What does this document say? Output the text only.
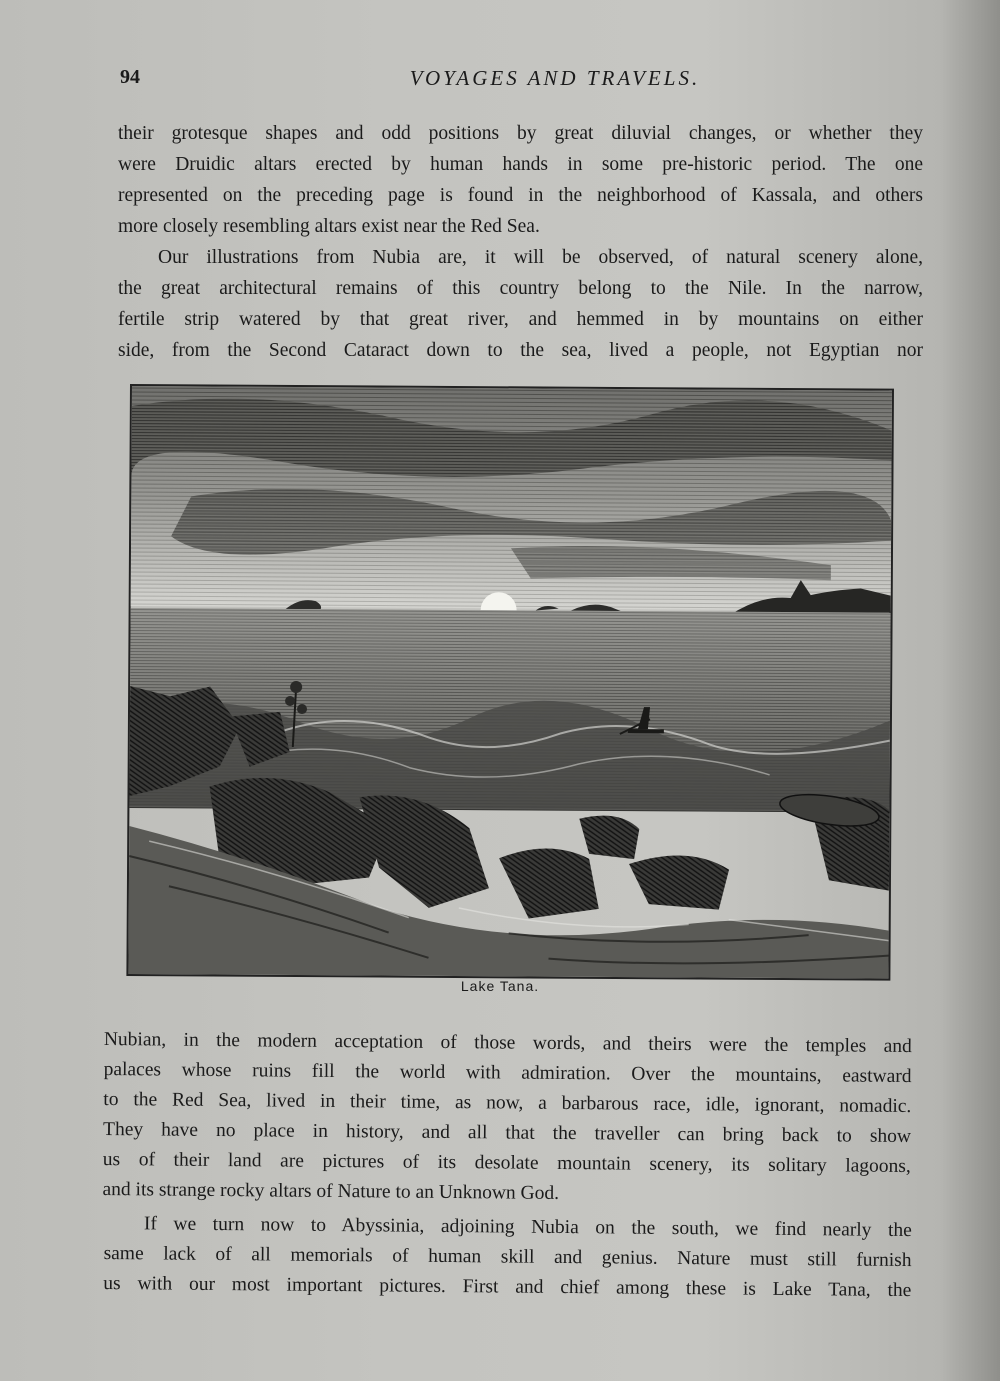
94	VOYAGES AND TRAVELS.
their grotesque shapes and odd positions by great diluvial changes, or whether they
were Druidic altars erected by human hands in some pre-historic period. The one
represented on the preceding page is found in the neighborhood of Kassala, and others
more closely resembling altars exist near the Red Sea.
Our illustrations from Nubia are, it will be observed, of natural scenery alone,
the great architectural remains of this country belong to the Nile. In the narrow,
fertile strip watered by that great river, and hemmed in by mountains on either
side, from the Second Cataract down to the sea, lived a people, not Egyptian nor
Lake Tana.
Nubian, in the modern acceptation of those words, and theirs were the temples and
palaces whose ruins fill the world with admiration. Over the mountains, eastward
to the Red Sea, lived in their time, as now, a barbarous race, idle, ignorant, nomadic.
They have no place in history, and all that the traveller can bring back to show
us of their land are pictures of its desolate mountain scenery, its solitary lagoons,
and its strange rocky altars of Nature to an Unknown God.
If we turn now to Abyssinia, adjoining Nubia on the south, we find nearly the
same lack of all memorials of human skill and genius. Nature must still furnish
us with our most important pictures. First and chief among these is Lake Tana, the
